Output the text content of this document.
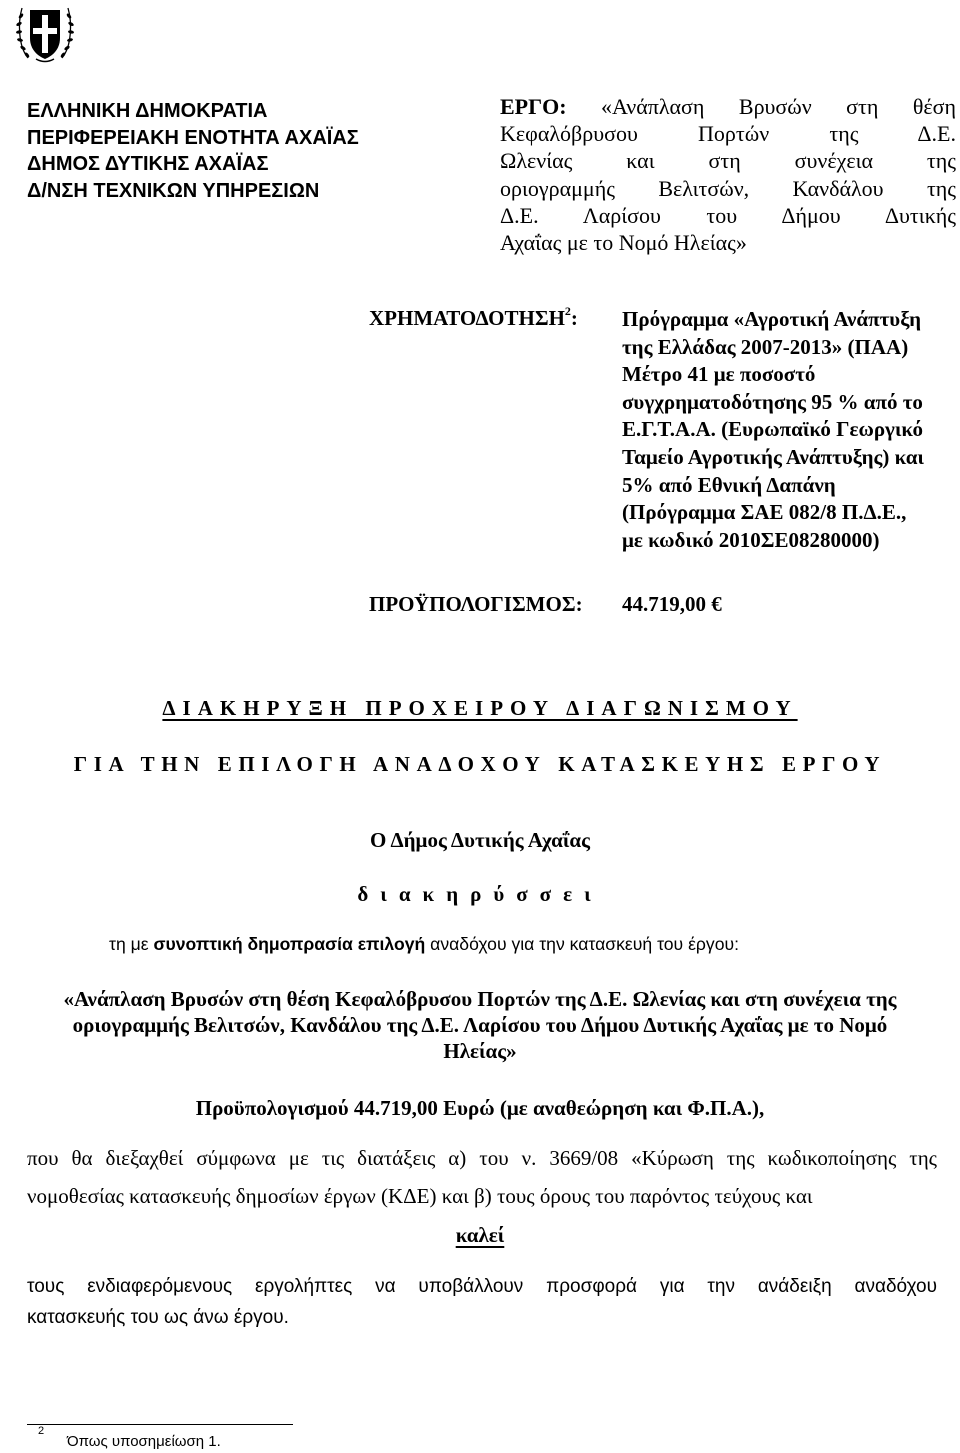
ΕΛΛΗΝΙΚΗ ΔΗΜΟΚΡΑΤΙΑ
ΠΕΡΙΦΕΡΕΙΑΚΗ ΕΝΟΤΗΤΑ ΑΧΑΪΑΣ
ΔΗΜΟΣ ΔΥΤΙΚΗΣ ΑΧΑΪΑΣ
Δ/ΝΣΗ ΤΕΧΝΙΚΩΝ ΥΠΗΡΕΣΙΩΝ
ΕΡΓΟ: «Ανάπλαση Βρυσών στη θέση
Κεφαλόβρυσου Πορτών της Δ.Ε.
Ωλενίας και στη συνέχεια της
οριογραμμής Βελιτσών, Κανδάλου της
Δ.Ε. Λαρίσου του Δήμου Δυτικής
Αχαΐας με το Νομό Ηλείας»
ΧΡΗΜΑΤΟΔΟΤΗΣΗ$^2$: Πρόγραμμα «Αγροτική Ανάπτυξη
της Ελλάδας 2007-2013» (ΠΑΑ)
Μέτρο 41 με ποσοστό
συγχρηματοδότησης 95 % από το
Ε.Γ.Τ.Α.Α. (Ευρωπαϊκό Γεωργικό
Ταμείο Αγροτικής Ανάπτυξης) και
5% από Εθνική Δαπάνη
(Πρόγραμμα ΣΑΕ 082/8 Π.Δ.Ε.,
με κωδικό 2010ΣΕ08280000)
ΠΡΟΫΠΟΛΟΓΙΣΜΟΣ: 44.719,00 €
ΔΙΑΚΗΡΥΞΗ ΠΡΟΧΕΙΡΟΥ ΔΙΑΓΩΝΙΣΜΟΥ
ΓΙΑ ΤΗΝ ΕΠΙΛΟΓΗ ΑΝΑΔΟΧΟΥ ΚΑΤΑΣΚΕΥΗΣ ΕΡΓΟΥ
Ο Δήμος Δυτικής Αχαΐας
διακηρύσσει
τη με συνοπτική δημοπρασία επιλογή αναδόχου για την κατασκευή του έργου:
«Ανάπλαση Βρυσών στη θέση Κεφαλόβρυσου Πορτών της Δ.Ε. Ωλενίας και στη συνέχεια της
οριογραμμής Βελιτσών, Κανδάλου της Δ.Ε. Λαρίσου του Δήμου Δυτικής Αχαΐας με το Νομό
Ηλείας»
Προϋπολογισμού 44.719,00 Ευρώ (με αναθεώρηση και Φ.Π.Α.),
που θα διεξαχθεί σύμφωνα με τις διατάξεις α) του ν. 3669/08 «Κύρωση της κωδικοποίησης της
νομοθεσίας κατασκευής δημοσίων έργων (ΚΔΕ) και β) τους όρους του παρόντος τεύχους και
καλεί
τους ενδιαφερόμενους εργολήπτες να υποβάλλουν προσφορά για την ανάδειξη αναδόχου
κατασκευής του ως άνω έργου.
2
Όπως υποσημείωση 1.
